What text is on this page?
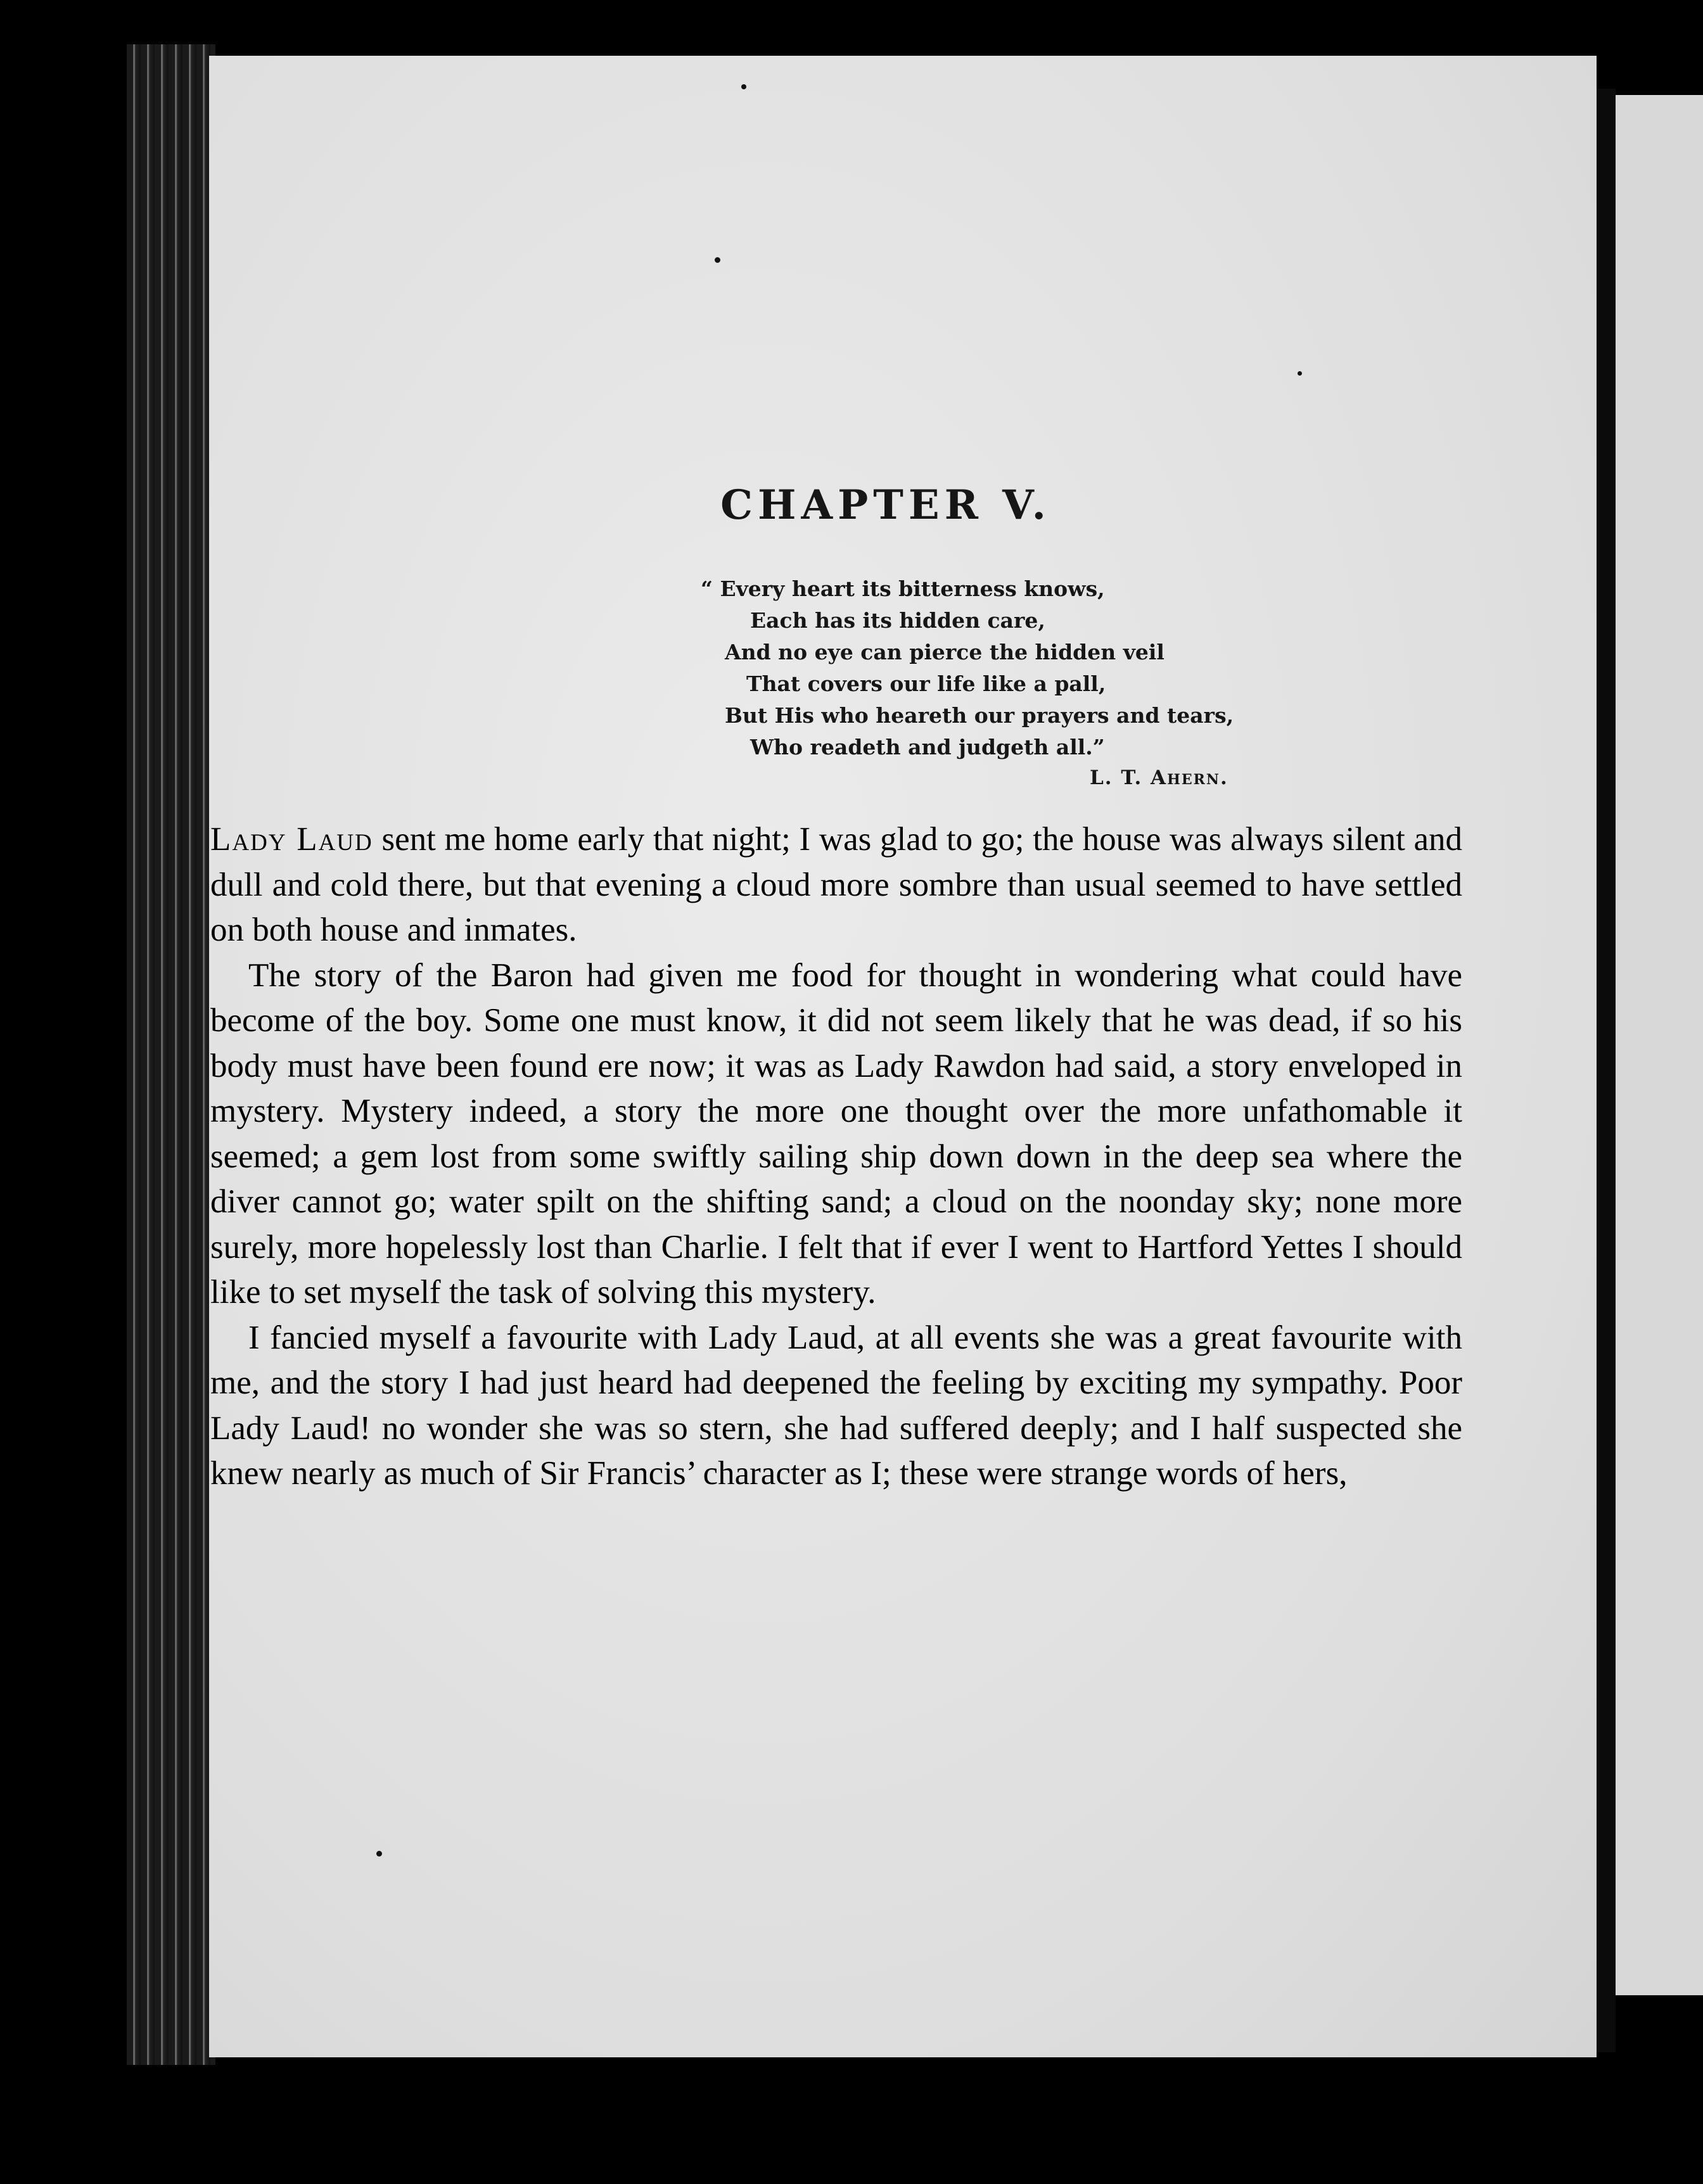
CHAPTER V.
“ Every heart its bitterness knows,
Each has its hidden care,
And no eye can pierce the hidden veil
That covers our life like a pall,
But His who heareth our prayers and tears,
Who readeth and judgeth all.”
L. T. Ahern.

Lady Laud sent me home early that night; I was glad to go; the house was always silent and dull and cold there, but that evening a cloud more sombre than usual seemed to have settled on both house and inmates.

The story of the Baron had given me food for thought in wondering what could have become of the boy. Some one must know, it did not seem likely that he was dead, if so his body must have been found ere now; it was as Lady Rawdon had said, a story enveloped in mystery. Mystery indeed, a story the more one thought over the more unfathomable it seemed; a gem lost from some swiftly sailing ship down down in the deep sea where the diver cannot go; water spilt on the shifting sand; a cloud on the noonday sky; none more surely, more hopelessly lost than Charlie. I felt that if ever I went to Hartford Yettes I should like to set myself the task of solving this mystery.

I fancied myself a favourite with Lady Laud, at all events she was a great favourite with me, and the story I had just heard had deepened the feeling by exciting my sympathy. Poor Lady Laud! no wonder she was so stern, she had suffered deeply; and I half suspected she knew nearly as much of Sir Francis’ character as I; these were strange words of hers,
